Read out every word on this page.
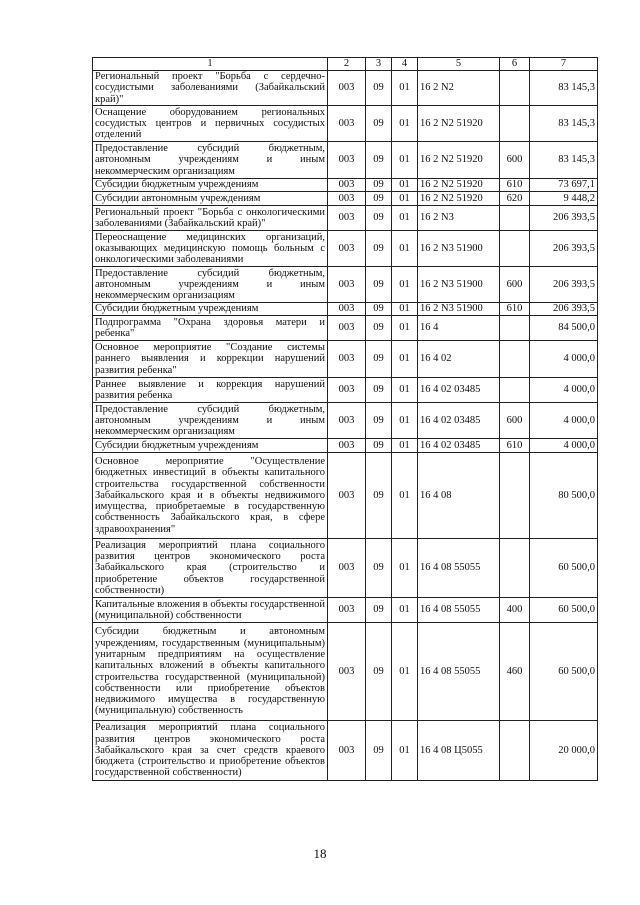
1	2	3	4	5	6	7
Региональный проект "Борьба с сердечно-сосудистыми заболеваниями (Забайкальский край)"	003	09	01	16 2 N2		83 145,3
Оснащение оборудованием региональных сосудистых центров и первичных сосудистых отделений	003	09	01	16 2 N2 51920		83 145,3
Предоставление субсидий бюджетным, автономным учреждениям и иным некоммерческим организациям	003	09	01	16 2 N2 51920	600	83 145,3
Субсидии бюджетным учреждениям	003	09	01	16 2 N2 51920	610	73 697,1
Субсидии автономным учреждениям	003	09	01	16 2 N2 51920	620	9 448,2
Региональный проект "Борьба с онкологическими заболеваниями (Забайкальский край)"	003	09	01	16 2 N3		206 393,5
Переоснащение медицинских организаций, оказывающих медицинскую помощь больным с онкологическими заболеваниями	003	09	01	16 2 N3 51900		206 393,5
Предоставление субсидий бюджетным, автономным учреждениям и иным некоммерческим организациям	003	09	01	16 2 N3 51900	600	206 393,5
Субсидии бюджетным учреждениям	003	09	01	16 2 N3 51900	610	206 393,5
Подпрограмма "Охрана здоровья матери и ребенка"	003	09	01	16 4		84 500,0
Основное мероприятие "Создание системы раннего выявления и коррекции нарушений развития ребенка"	003	09	01	16 4 02		4 000,0
Раннее выявление и коррекция нарушений развития ребенка	003	09	01	16 4 02 03485		4 000,0
Предоставление субсидий бюджетным, автономным учреждениям и иным некоммерческим организациям	003	09	01	16 4 02 03485	600	4 000,0
Субсидии бюджетным учреждениям	003	09	01	16 4 02 03485	610	4 000,0
Основное мероприятие "Осуществление бюджетных инвестиций в объекты капитального строительства государственной собственности Забайкальского края и в объекты недвижимого имущества, приобретаемые в государственную собственность Забайкальского края, в сфере здравоохранения"	003	09	01	16 4 08		80 500,0
Реализация мероприятий плана социального развития центров экономического роста Забайкальского края (строительство и приобретение объектов государственной собственности)	003	09	01	16 4 08 55055		60 500,0
Капитальные вложения в объекты государственной (муниципальной) собственности	003	09	01	16 4 08 55055	400	60 500,0
Субсидии бюджетным и автономным учреждениям, государственным (муниципальным) унитарным предприятиям на осуществление капитальных вложений в объекты капитального строительства государственной (муниципальной) собственности или приобретение объектов недвижимого имущества в государственную (муниципальную) собственность	003	09	01	16 4 08 55055	460	60 500,0
Реализация мероприятий плана социального развития центров экономического роста Забайкальского края за счет средств краевого бюджета (строительство и приобретение объектов государственной собственности)	003	09	01	16 4 08 Ц5055		20 000,0
18
